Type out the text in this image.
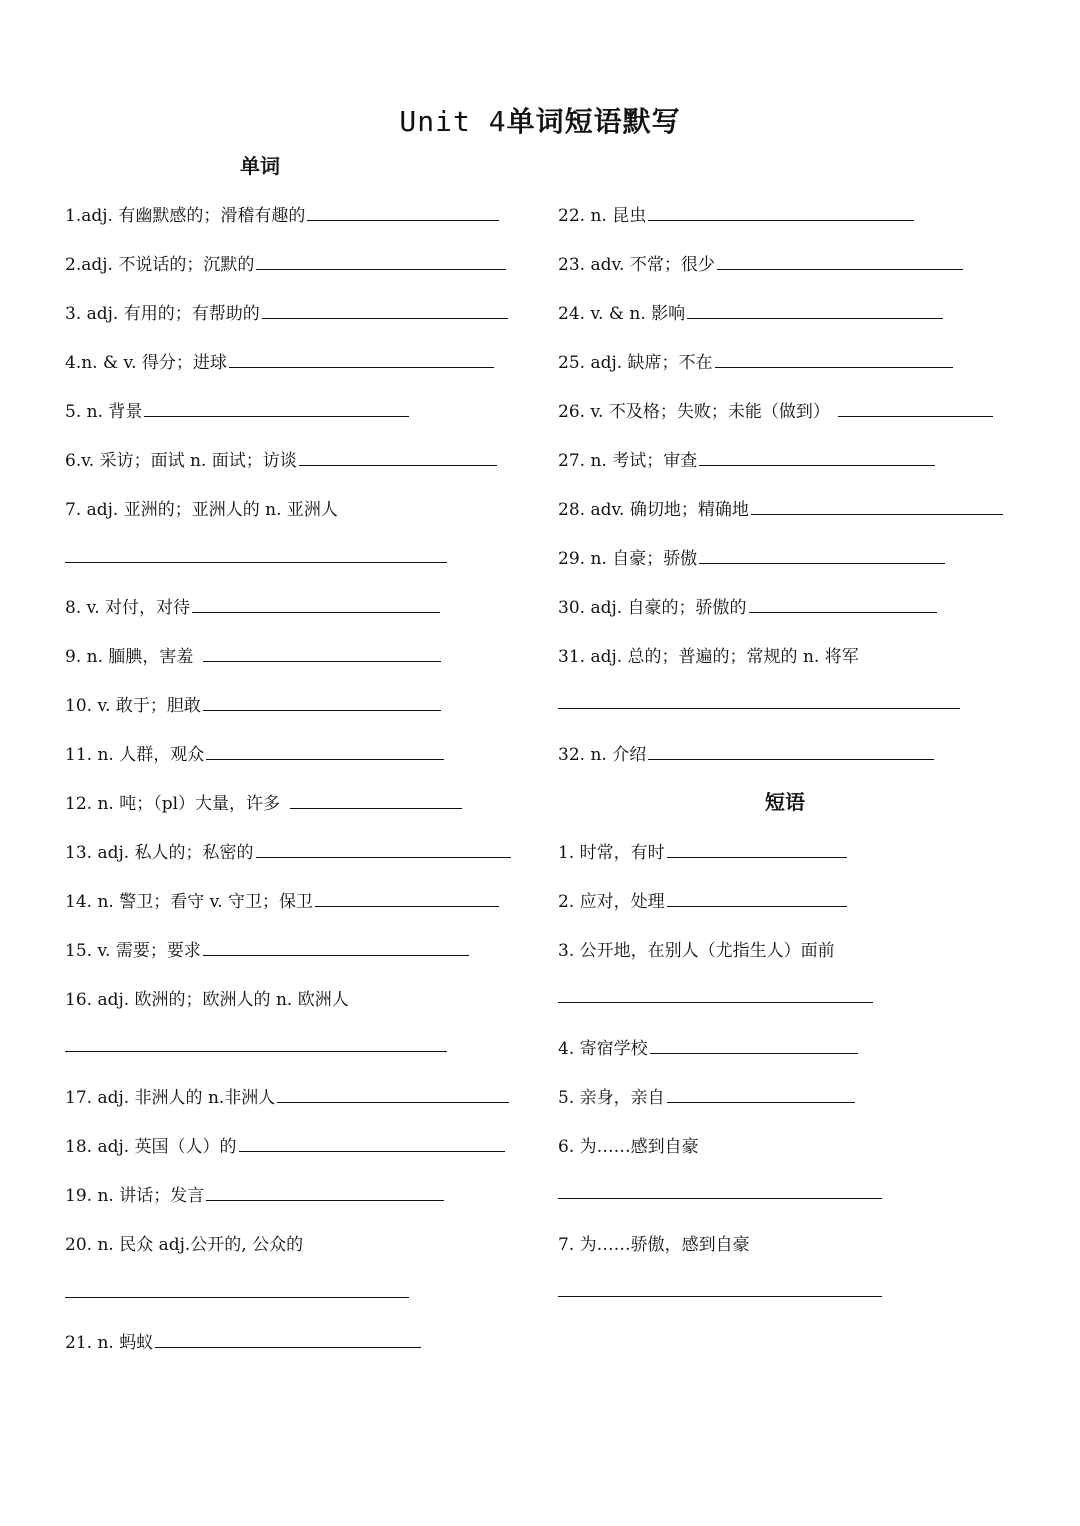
Unit 4单词短语默写
单词
短语
1.adj. 有幽默感的；滑稽有趣的
2.adj. 不说话的；沉默的
3. adj. 有用的；有帮助的
4.n. & v. 得分；进球
5. n. 背景
6.v. 采访；面试 n. 面试；访谈
7. adj. 亚洲的；亚洲人的 n. 亚洲人
8. v. 对付，对待
9. n. 腼腆，害羞
10. v. 敢于；胆敢
11. n. 人群，观众
12. n. 吨；（pl）大量，许多
13. adj. 私人的；私密的
14. n. 警卫；看守 v. 守卫；保卫
15. v. 需要；要求
16. adj. 欧洲的；欧洲人的 n. 欧洲人
17. adj. 非洲人的 n.非洲人
18. adj. 英国（人）的
19. n. 讲话；发言
20. n. 民众 adj.公开的, 公众的
21. n. 蚂蚁
22. n. 昆虫
23. adv. 不常；很少
24. v. & n. 影响
25. adj. 缺席；不在
26. v. 不及格；失败；未能（做到）
27. n. 考试；审查
28. adv. 确切地；精确地
29. n. 自豪；骄傲
30. adj. 自豪的；骄傲的
31. adj. 总的；普遍的；常规的 n. 将军
32. n. 介绍
1. 时常，有时
2. 应对，处理
3. 公开地，在别人（尤指生人）面前
4. 寄宿学校
5. 亲身，亲自
6. 为……感到自豪
7. 为……骄傲，感到自豪
